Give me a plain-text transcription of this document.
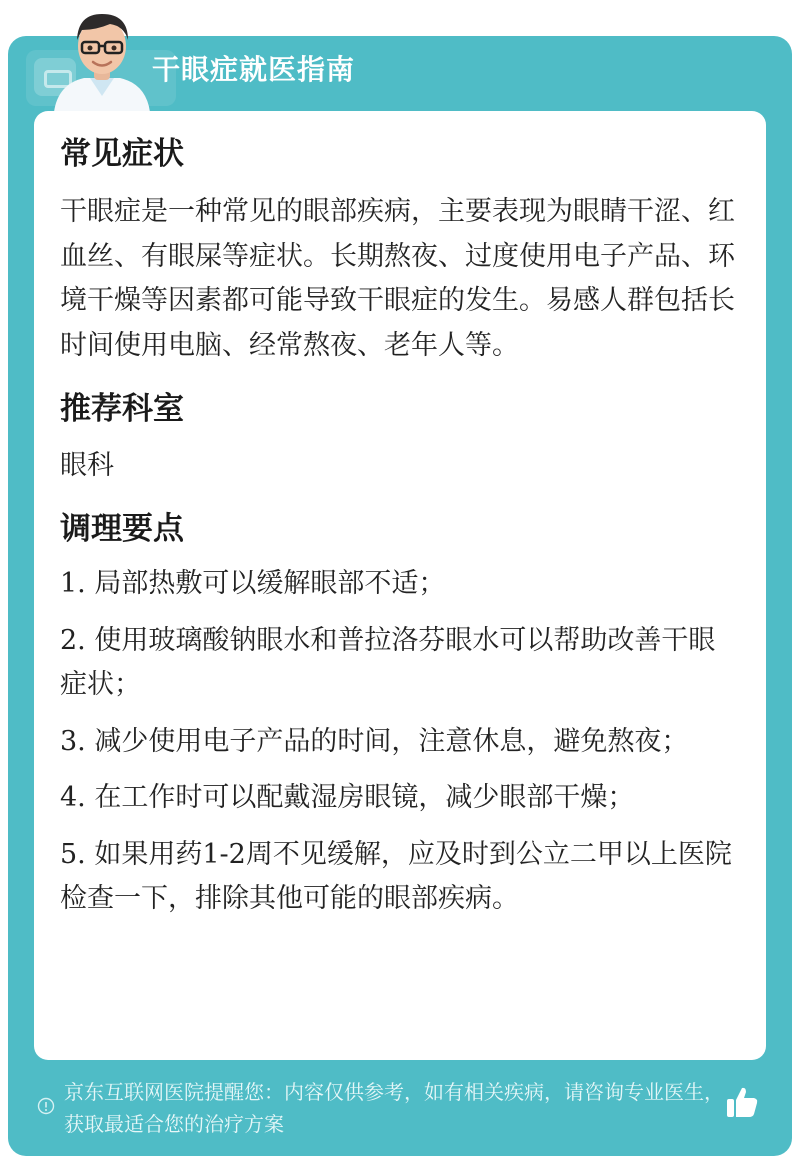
干眼症就医指南
常见症状

干眼症是一种常见的眼部疾病，主要表现为眼睛干涩、红血丝、有眼屎等症状。长期熬夜、过度使用电子产品、环境干燥等因素都可能导致干眼症的发生。易感人群包括长时间使用电脑、经常熬夜、老年人等。

推荐科室

眼科

调理要点
1. 局部热敷可以缓解眼部不适；
2. 使用玻璃酸钠眼水和普拉洛芬眼水可以帮助改善干眼症状；
3. 减少使用电子产品的时间，注意休息，避免熬夜；
4. 在工作时可以配戴湿房眼镜，减少眼部干燥；
5. 如果用药1-2周不见缓解，应及时到公立二甲以上医院检查一下，排除其他可能的眼部疾病。
京东互联网医院提醒您：内容仅供参考，如有相关疾病，请咨询专业医生，获取最适合您的治疗方案
